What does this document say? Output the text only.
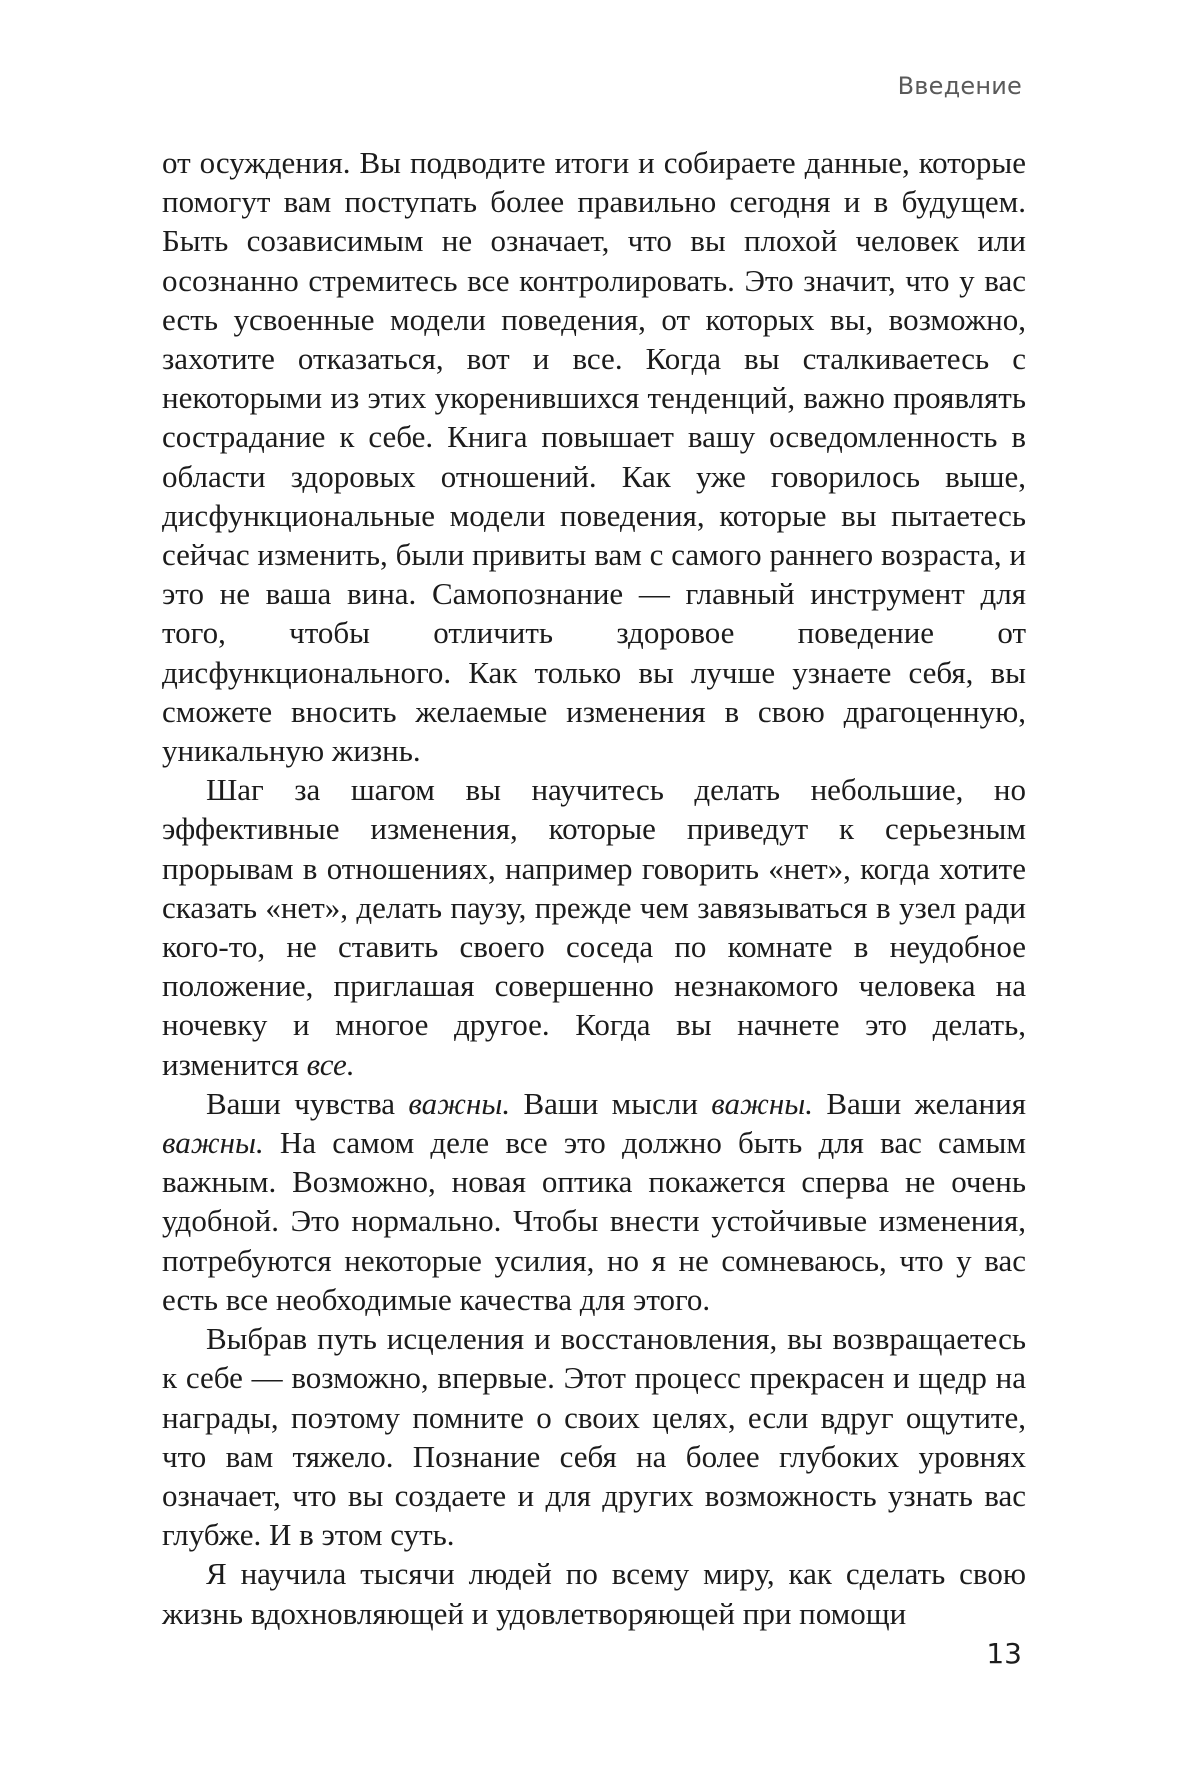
Введение

от осуждения. Вы подводите итоги и собираете данные, которые помогут вам поступать более правильно сегодня и в будущем. Быть созависимым не означает, что вы плохой человек или осознанно стремитесь все контролировать. Это значит, что у вас есть усвоенные модели поведения, от которых вы, возможно, захотите отказаться, вот и все. Когда вы сталкиваетесь с некоторыми из этих укоренившихся тенденций, важно проявлять сострадание к себе. Книга повышает вашу осведомленность в области здоровых отношений. Как уже говорилось выше, дисфункциональные модели поведения, которые вы пытаетесь сейчас изменить, были привиты вам с самого раннего возраста, и это не ваша вина. Самопознание — главный инструмент для того, чтобы отличить здоровое поведение от дисфункционального. Как только вы лучше узнаете себя, вы сможете вносить желаемые изменения в свою драгоценную, уникальную жизнь.

Шаг за шагом вы научитесь делать небольшие, но эффективные изменения, которые приведут к серьезным прорывам в отношениях, например говорить «нет», когда хотите сказать «нет», делать паузу, прежде чем завязываться в узел ради кого-то, не ставить своего соседа по комнате в неудобное положение, приглашая совершенно незнакомого человека на ночевку и многое другое. Когда вы начнете это делать, изменится все.

Ваши чувства важны. Ваши мысли важны. Ваши желания важны. На самом деле все это должно быть для вас самым важным. Возможно, новая оптика покажется сперва не очень удобной. Это нормально. Чтобы внести устойчивые изменения, потребуются некоторые усилия, но я не сомневаюсь, что у вас есть все необходимые качества для этого.

Выбрав путь исцеления и восстановления, вы возвращаетесь к себе — возможно, впервые. Этот процесс прекрасен и щедр на награды, поэтому помните о своих целях, если вдруг ощутите, что вам тяжело. Познание себя на более глубоких уровнях означает, что вы создаете и для других возможность узнать вас глубже. И в этом суть.

Я научила тысячи людей по всему миру, как сделать свою жизнь вдохновляющей и удовлетворяющей при помощи

13
